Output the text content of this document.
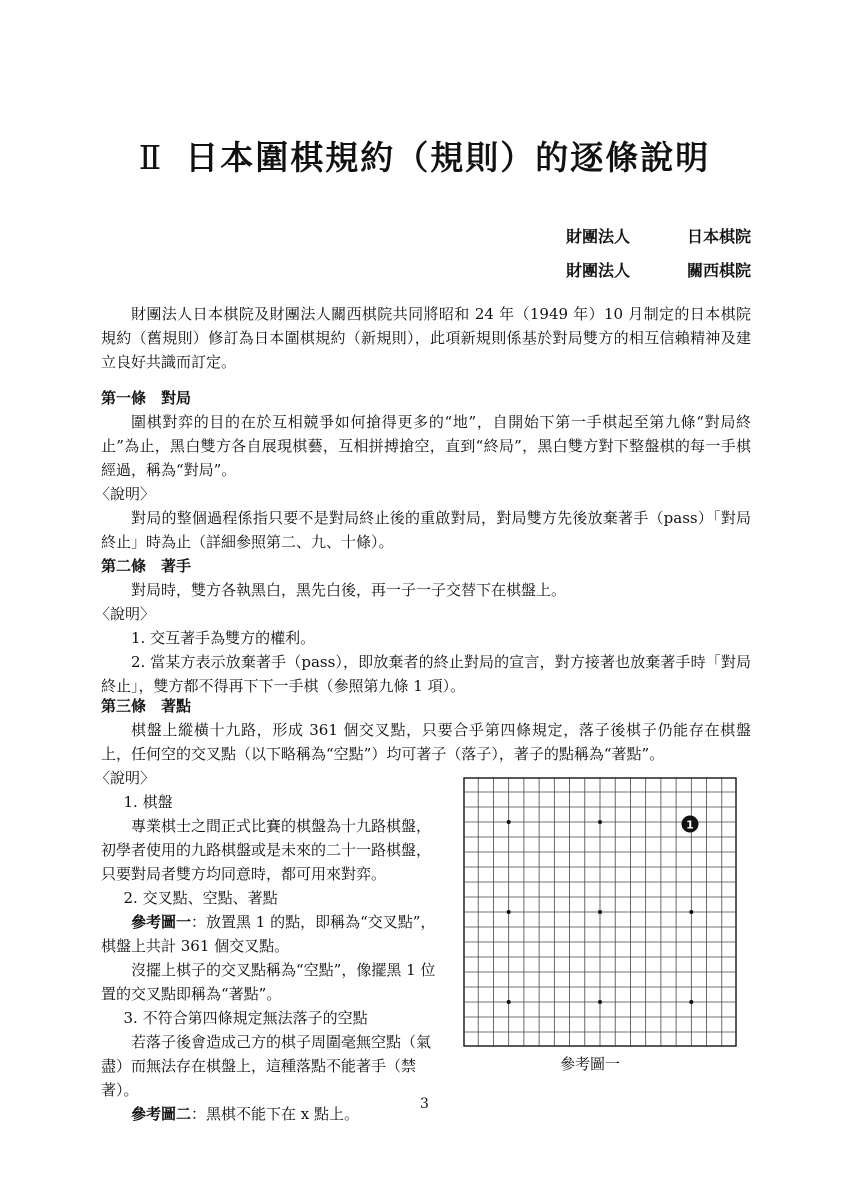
Ⅱ 日本圍棋規約（規則）的逐條說明
財團法人	日本棋院
財團法人	關西棋院

財團法人日本棋院及財團法人關西棋院共同將昭和 24 年（1949 年）10 月制定的日本棋院規約（舊規則）修訂為日本圍棋規約（新規則），此項新規則係基於對局雙方的相互信賴精神及建立良好共識而訂定。

第一條　對局

圍棋對弈的目的在於互相競爭如何搶得更多的“地”，自開始下第一手棋起至第九條“對局終止”為止，黑白雙方各自展現棋藝，互相拼搏搶空，直到“終局”，黑白雙方對下整盤棋的每一手棋經過，稱為“對局”。

〈說明〉

對局的整個過程係指只要不是對局終止後的重啟對局，對局雙方先後放棄著手（pass）「對局終止」時為止（詳細參照第二、九、十條）。

第二條　著手

對局時，雙方各執黑白，黑先白後，再一子一子交替下在棋盤上。

〈說明〉

1. 交互著手為雙方的權利。

2. 當某方表示放棄著手（pass），即放棄者的終止對局的宣言，對方接著也放棄著手時「對局終止」，雙方都不得再下下一手棋（參照第九條 1 項）。

第三條　著點

棋盤上縱橫十九路，形成 361 個交叉點，只要合乎第四條規定，落子後棋子仍能存在棋盤上，任何空的交叉點（以下略稱為“空點”）均可著子（落子），著子的點稱為“著點”。

〈說明〉

1. 棋盤

專業棋士之間正式比賽的棋盤為十九路棋盤，初學者使用的九路棋盤或是未來的二十一路棋盤，只要對局者雙方均同意時，都可用來對弈。

2. 交叉點、空點、著點

參考圖一：放置黑 1 的點，即稱為“交叉點”，棋盤上共計 361 個交叉點。

沒擺上棋子的交叉點稱為“空點”，像擺黑 1 位置的交叉點即稱為“著點”。

3. 不符合第四條規定無法落子的空點

若落子後會造成己方的棋子周圍毫無空點（氣盡）而無法存在棋盤上，這種落點不能著手（禁著）。

參考圖二：黑棋不能下在 x 點上。

1
參考圖一
3
